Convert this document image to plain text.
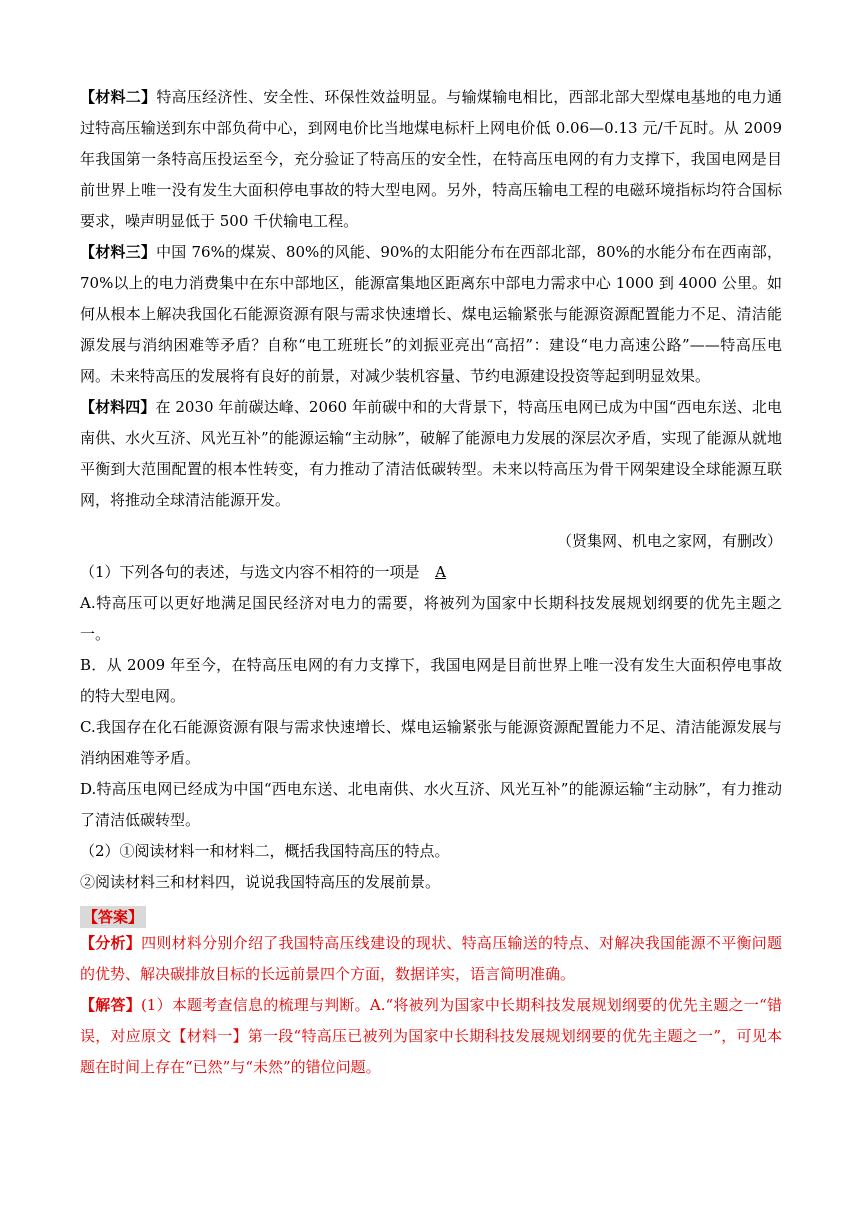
【材料二】特高压经济性、安全性、环保性效益明显。与输煤输电相比，西部北部大型煤电基地的电力通过特高压输送到东中部负荷中心，到网电价比当地煤电标杆上网电价低 0.06—0.13 元/千瓦时。从 2009 年我国第一条特高压投运至今，充分验证了特高压的安全性，在特高压电网的有力支撑下，我国电网是目前世界上唯一没有发生大面积停电事故的特大型电网。另外，特高压输电工程的电磁环境指标均符合国标要求，噪声明显低于 500 千伏输电工程。

【材料三】中国 76%的煤炭、80%的风能、90%的太阳能分布在西部北部，80%的水能分布在西南部，70%以上的电力消费集中在东中部地区，能源富集地区距离东中部电力需求中心 1000 到 4000 公里。如何从根本上解决我国化石能源资源有限与需求快速增长、煤电运输紧张与能源资源配置能力不足、清洁能源发展与消纳困难等矛盾？自称“电工班班长”的刘振亚亮出“高招”：建设“电力高速公路”——特高压电网。未来特高压的发展将有良好的前景，对减少装机容量、节约电源建设投资等起到明显效果。

【材料四】在 2030 年前碳达峰、2060 年前碳中和的大背景下，特高压电网已成为中国“西电东送、北电南供、水火互济、风光互补”的能源运输“主动脉”，破解了能源电力发展的深层次矛盾，实现了能源从就地平衡到大范围配置的根本性转变，有力推动了清洁低碳转型。未来以特高压为骨干网架建设全球能源互联网，将推动全球清洁能源开发。

（贤集网、机电之家网，有删改）

（1）下列各句的表述，与选文内容不相符的一项是 A

A.特高压可以更好地满足国民经济对电力的需要，将被列为国家中长期科技发展规划纲要的优先主题之一。

B．从 2009 年至今，在特高压电网的有力支撑下，我国电网是目前世界上唯一没有发生大面积停电事故的特大型电网。

C.我国存在化石能源资源有限与需求快速增长、煤电运输紧张与能源资源配置能力不足、清洁能源发展与消纳困难等矛盾。

D.特高压电网已经成为中国“西电东送、北电南供、水火互济、风光互补”的能源运输“主动脉”，有力推动了清洁低碳转型。

（2）①阅读材料一和材料二，概括我国特高压的特点。

②阅读材料三和材料四，说说我国特高压的发展前景。

【答案】

【分析】四则材料分别介绍了我国特高压线建设的现状、特高压输送的特点、对解决我国能源不平衡问题的优势、解决碳排放目标的长远前景四个方面，数据详实，语言简明准确。

【解答】(1）本题考查信息的梳理与判断。A.“将被列为国家中长期科技发展规划纲要的优先主题之一“错误，对应原文【材料一】第一段“特高压已被列为国家中长期科技发展规划纲要的优先主题之一”，可见本题在时间上存在“已然”与“未然”的错位问题。
